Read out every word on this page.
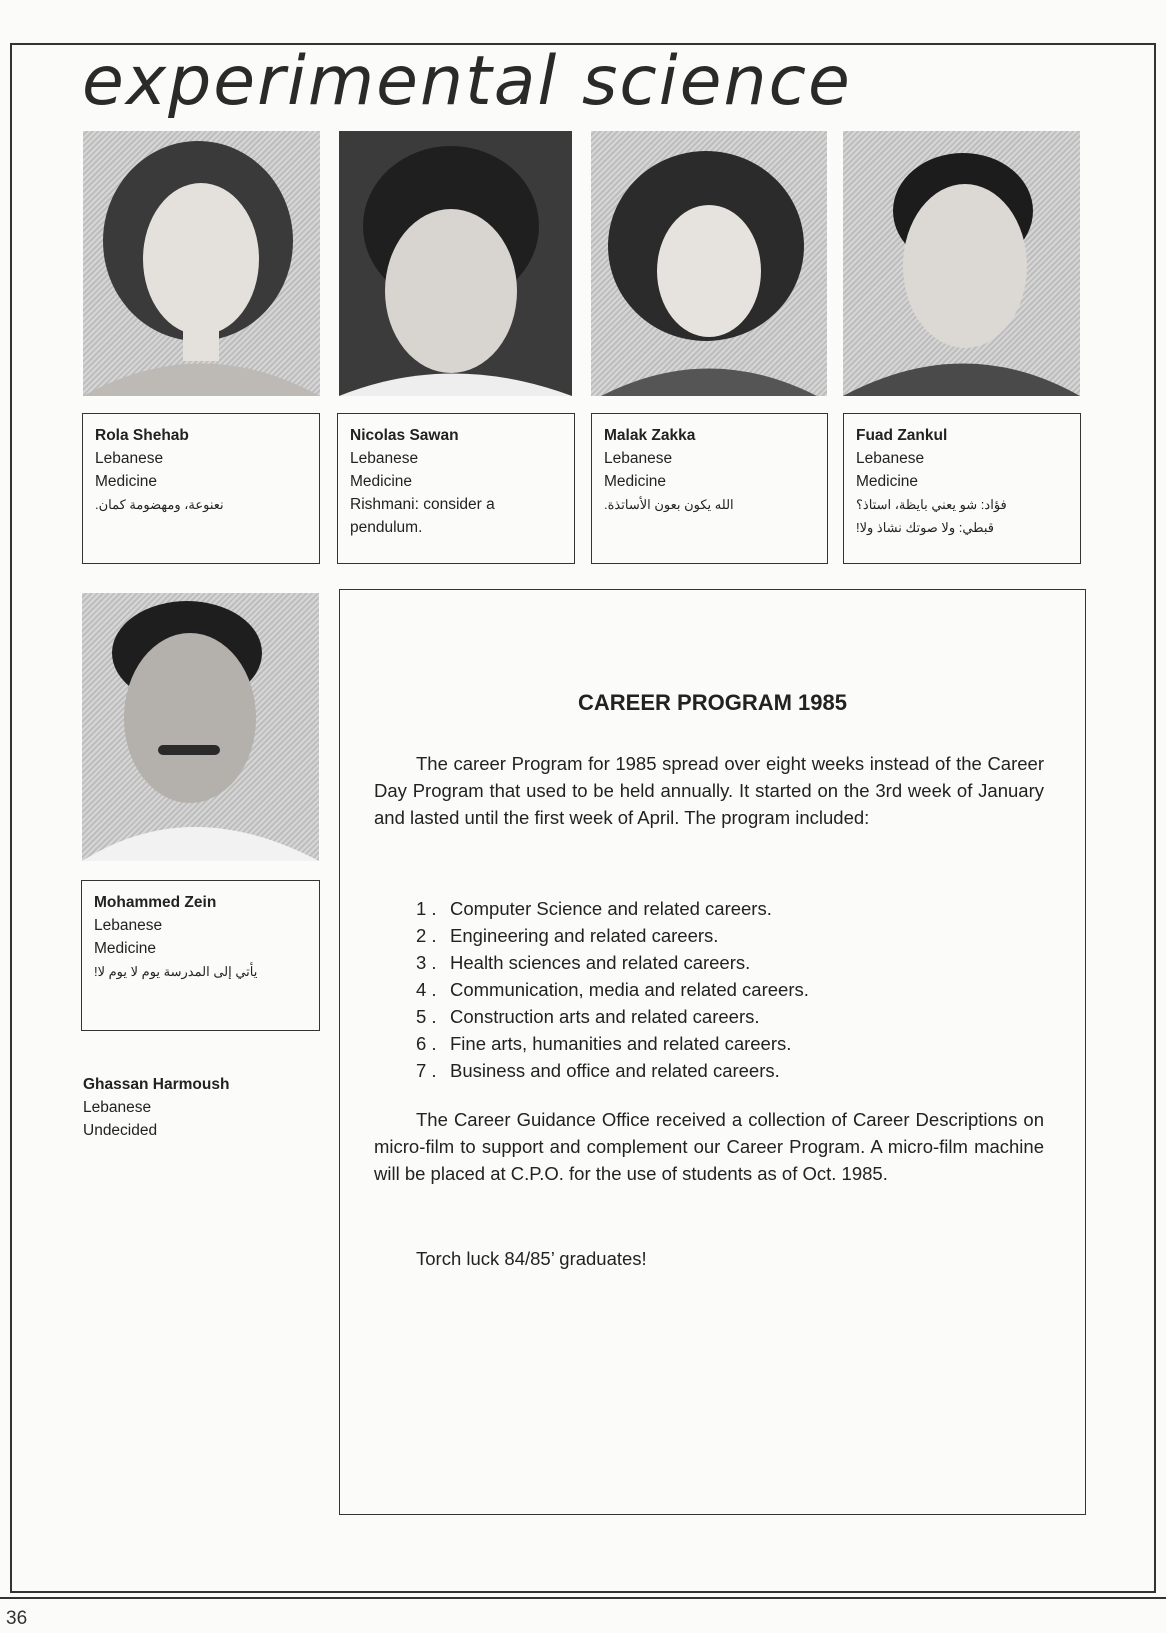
experimental science
Rola Shehab
Lebanese
Medicine
نعنوعة، ومهضومة كمان.
Nicolas Sawan
Lebanese
Medicine
Rishmani: consider a pendulum.
Malak Zakka
Lebanese
Medicine
الله يكون بعون الأساتذة.
Fuad Zankul
Lebanese
Medicine
فؤاد: شو يعني بايظة، استاذ؟
قبطي: ولا صوتك نشاذ ولا!
Mohammed Zein
Lebanese
Medicine
يأتي إلى المدرسة يوم لا يوم لا!
Ghassan Harmoush
Lebanese
Undecided
CAREER PROGRAM 1985

The career Program for 1985 spread over eight weeks instead of the Career Day Program that used to be held annually. It started on the 3rd week of January and lasted until the first week of April. The program included:

1 . Computer Science and related careers.
2 . Engineering and related careers.
3 . Health sciences and related careers.
4 . Communication, media and related careers.
5 . Construction arts and related careers.
6 . Fine arts, humanities and related careers.
7 . Business and office and related careers.

The Career Guidance Office received a collection of Career Descriptions on micro-film to support and complement our Career Program. A micro-film machine will be placed at C.P.O. for the use of students as of Oct. 1985.

Torch luck 84/85’ graduates!

36
